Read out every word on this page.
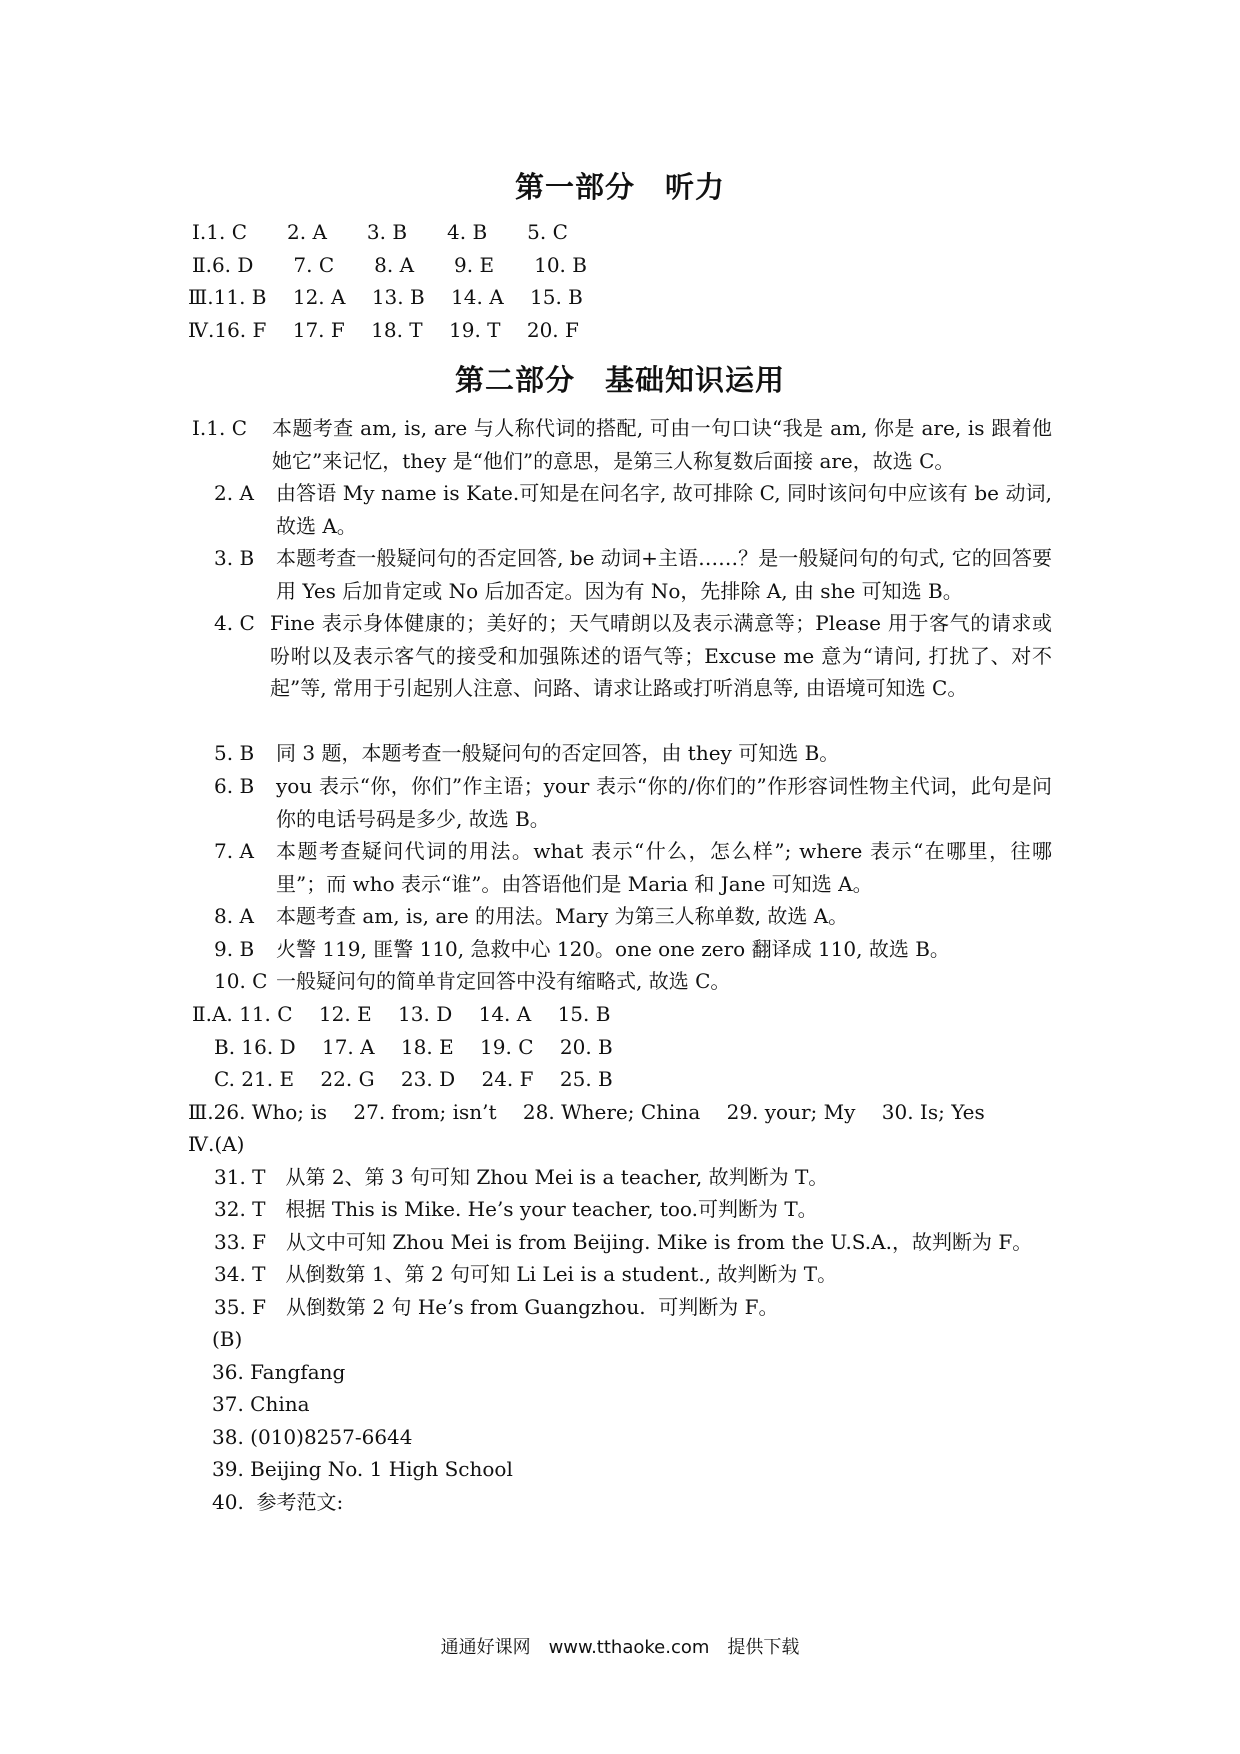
第一部分　听力
Ⅰ.1. C　　2. A　　3. B　　4. B　　5. C
Ⅱ.6. D　　7. C　　8. A　　9. E　　10. B
Ⅲ.11. B　 12. A　 13. B　 14. A　 15. B
Ⅳ.16. F　 17. F　 18. T　 19. T　 20. F
第二部分　基础知识运用
Ⅰ.1. C 本题考查 am, is, are 与人称代词的搭配, 可由一句口诀“我是 am, 你是 are, is 跟着他她它”来记忆，they 是“他们”的意思，是第三人称复数后面接 are，故选 C。
2. A 由答语 My name is Kate.可知是在问名字, 故可排除 C, 同时该问句中应该有 be 动词, 故选 A。
3. B 本题考查一般疑问句的否定回答, be 动词+主语……？是一般疑问句的句式, 它的回答要用 Yes 后加肯定或 No 后加否定。因为有 No，先排除 A, 由 she 可知选 B。
4. C Fine 表示身体健康的；美好的；天气晴朗以及表示满意等；Please 用于客气的请求或吩咐以及表示客气的接受和加强陈述的语气等；Excuse me 意为“请问, 打扰了、对不起”等, 常用于引起别人注意、问路、请求让路或打听消息等, 由语境可知选 C。
5. B 同 3 题，本题考查一般疑问句的否定回答，由 they 可知选 B。
6. B you 表示“你，你们”作主语；your 表示“你的/你们的”作形容词性物主代词，此句是问你的电话号码是多少, 故选 B。
7. A 本题考查疑问代词的用法。what 表示“什么，怎么样”; where 表示“在哪里，往哪里”；而 who 表示“谁”。由答语他们是 Maria 和 Jane 可知选 A。
8. A 本题考查 am, is, are 的用法。Mary 为第三人称单数, 故选 A。
9. B 火警 119, 匪警 110, 急救中心 120。one one zero 翻译成 110, 故选 B。
10. C 一般疑问句的简单肯定回答中没有缩略式, 故选 C。
Ⅱ.A. 11. C　 12. E　 13. D　 14. A　 15. B
B. 16. D　 17. A　 18. E　 19. C　 20. B
C. 21. E　 22. G　 23. D　 24. F　 25. B
Ⅲ.26. Who; is　 27. from; isn’t　 28. Where; China　 29. your; My　 30. Is; Yes
Ⅳ.(A)
31. T　从第 2、第 3 句可知 Zhou Mei is a teacher, 故判断为 T。
32. T　根据 This is Mike. He’s your teacher, too.可判断为 T。
33. F　从文中可知 Zhou Mei is from Beijing. Mike is from the U.S.A.，故判断为 F。
34. T　从倒数第 1、第 2 句可知 Li Lei is a student., 故判断为 T。
35. F　从倒数第 2 句 He’s from Guangzhou.  可判断为 F。
(B)
36. Fangfang
37. China
38. (010)8257-6644
39. Beijing No. 1 High School
40.  参考范文:
通通好课网　www.tthaoke.com　提供下载
